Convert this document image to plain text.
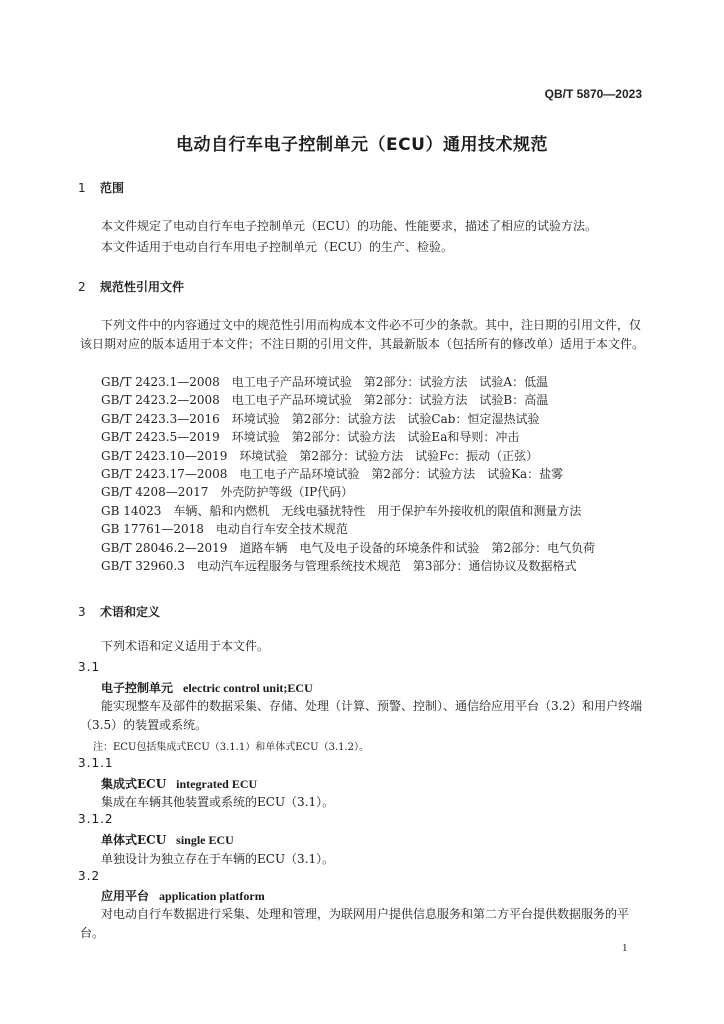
QB/T 5870—2023
电动自行车电子控制单元（ECU）通用技术规范
1 范围
本文件规定了电动自行车电子控制单元（ECU）的功能、性能要求，描述了相应的试验方法。
本文件适用于电动自行车用电子控制单元（ECU）的生产、检验。
2 规范性引用文件
下列文件中的内容通过文中的规范性引用而构成本文件必不可少的条款。其中，注日期的引用文件，仅该日期对应的版本适用于本文件；不注日期的引用文件，其最新版本（包括所有的修改单）适用于本文件。
GB/T 2423.1—2008　电工电子产品环境试验　第2部分：试验方法　试验A：低温
GB/T 2423.2—2008　电工电子产品环境试验　第2部分：试验方法　试验B：高温
GB/T 2423.3—2016　环境试验　第2部分：试验方法　试验Cab：恒定湿热试验
GB/T 2423.5—2019　环境试验　第2部分：试验方法　试验Ea和导则：冲击
GB/T 2423.10—2019　环境试验　第2部分：试验方法　试验Fc：振动（正弦）
GB/T 2423.17—2008　电工电子产品环境试验　第2部分：试验方法　试验Ka：盐雾
GB/T 4208—2017　外壳防护等级（IP代码）
GB 14023　车辆、船和内燃机　无线电骚扰特性　用于保护车外接收机的限值和测量方法
GB 17761—2018　电动自行车安全技术规范
GB/T 28046.2—2019　道路车辆　电气及电子设备的环境条件和试验　第2部分：电气负荷
GB/T 32960.3　电动汽车远程服务与管理系统技术规范　第3部分：通信协议及数据格式
3 术语和定义
下列术语和定义适用于本文件。
3.1
电子控制单元 electric control unit;ECU
能实现整车及部件的数据采集、存储、处理（计算、预警、控制）、通信给应用平台（3.2）和用户终端（3.5）的装置或系统。
注：ECU包括集成式ECU（3.1.1）和单体式ECU（3.1.2）。
3.1.1
集成式ECU integrated ECU
集成在车辆其他装置或系统的ECU（3.1）。
3.1.2
单体式ECU single ECU
单独设计为独立存在于车辆的ECU（3.1）。
3.2
应用平台 application platform
对电动自行车数据进行采集、处理和管理，为联网用户提供信息服务和第二方平台提供数据服务的平台。
1
